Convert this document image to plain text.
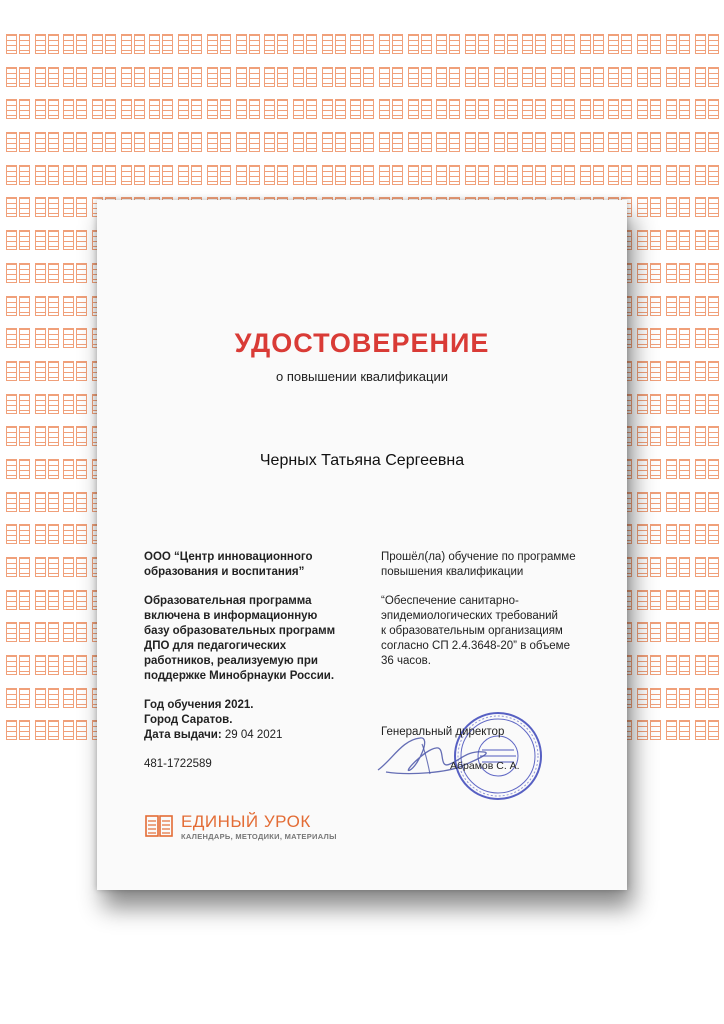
УДОСТОВЕРЕНИЕ
о повышении квалификации
Черных Татьяна Сергеевна

ООО “Центр инновационного
образования и воспитания”

Образовательная программа
включена в информационную
базу образовательных программ
ДПО для педагогических
работников, реализуемую при
поддержке Минобрнауки России.

Год обучения 2021.
Город Саратов.
Дата выдачи: 29 04 2021

481-1722589

Прошёл(ла) обучение по программе
повышения квалификации

“Обеспечение санитарно-
эпидемиологических требований
к образовательным организациям
согласно СП 2.4.3648-20” в объеме
36 часов.

Генеральный директор
Абрамов С. А.
ЕДИНЫЙ УРОК
КАЛЕНДАРЬ, МЕТОДИКИ, МАТЕРИАЛЫ
